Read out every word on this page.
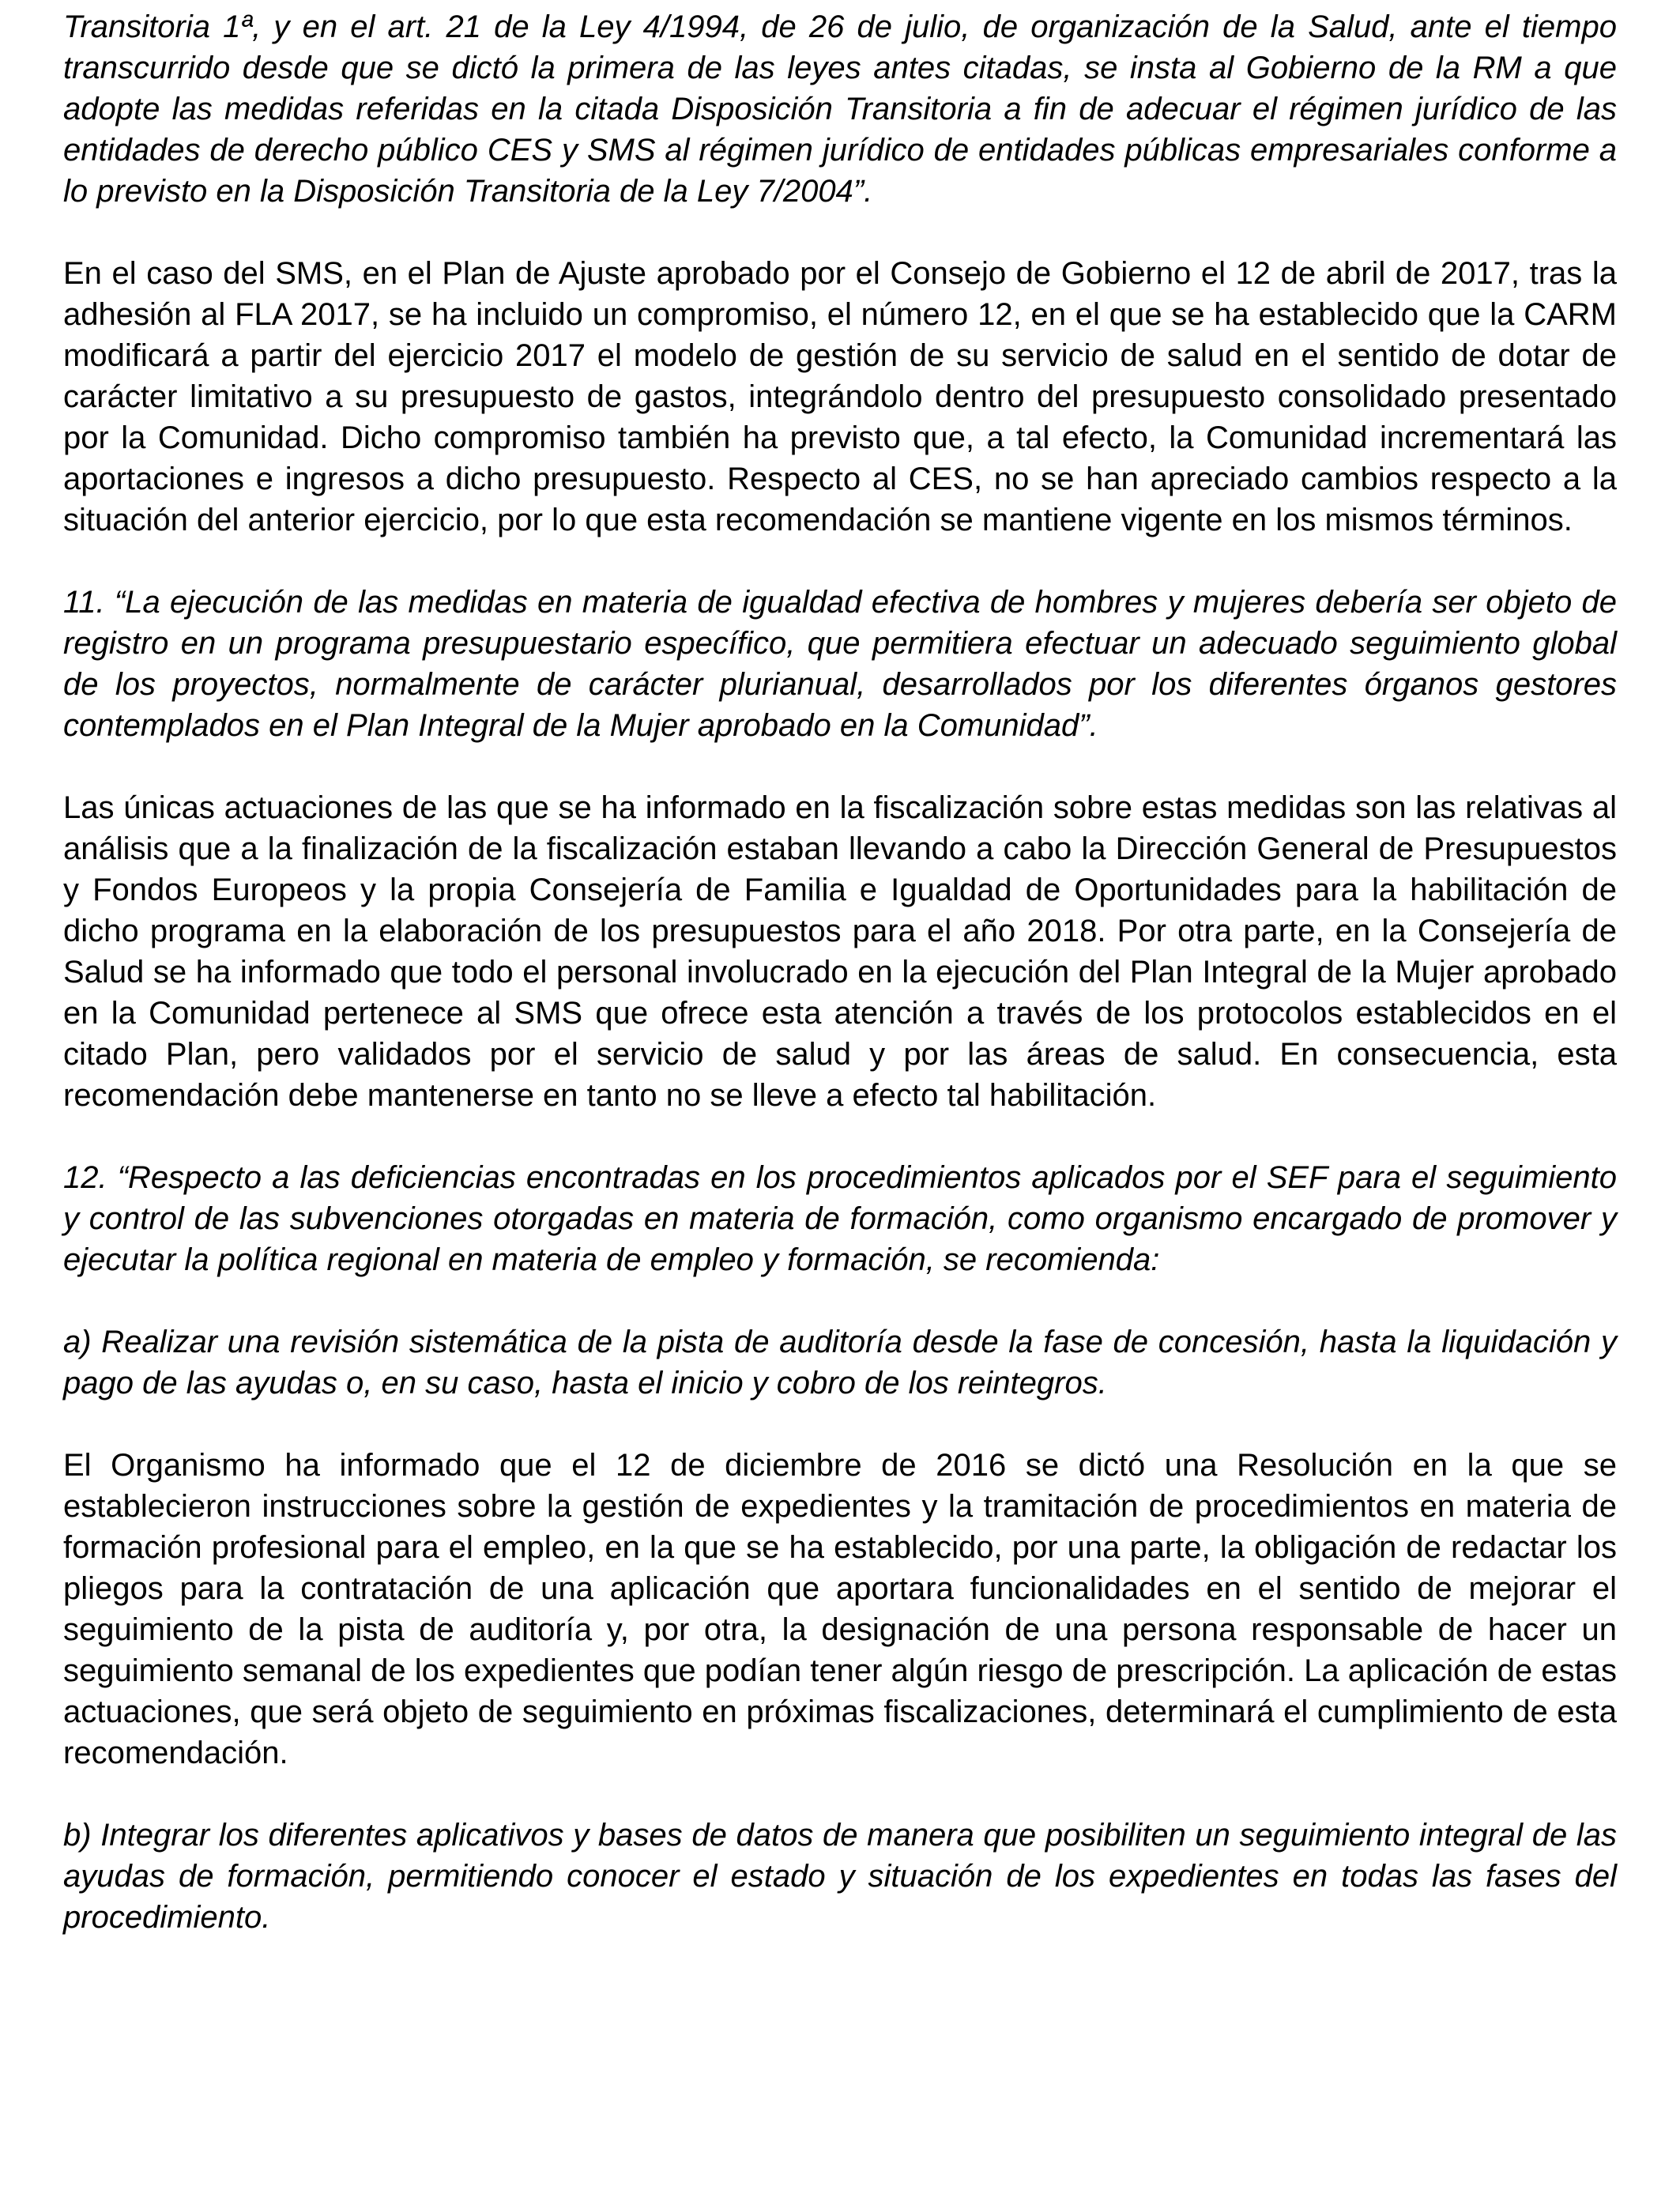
Transitoria 1ª, y en el art. 21 de la Ley 4/1994, de 26 de julio, de organización de la Salud, ante el tiempo transcurrido desde que se dictó la primera de las leyes antes citadas, se insta al Gobierno de la RM a que adopte las medidas referidas en la citada Disposición Transitoria a fin de adecuar el régimen jurídico de las entidades de derecho público CES y SMS al régimen jurídico de entidades públicas empresariales conforme a lo previsto en la Disposición Transitoria de la Ley 7/2004”.

En el caso del SMS, en el Plan de Ajuste aprobado por el Consejo de Gobierno el 12 de abril de 2017, tras la adhesión al FLA 2017, se ha incluido un compromiso, el número 12, en el que se ha establecido que la CARM modificará a partir del ejercicio 2017 el modelo de gestión de su servicio de salud en el sentido de dotar de carácter limitativo a su presupuesto de gastos, integrándolo dentro del presupuesto consolidado presentado por la Comunidad. Dicho compromiso también ha previsto que, a tal efecto, la Comunidad incrementará las aportaciones e ingresos a dicho presupuesto. Respecto al CES, no se han apreciado cambios respecto a la situación del anterior ejercicio, por lo que esta recomendación se mantiene vigente en los mismos términos.

11. “La ejecución de las medidas en materia de igualdad efectiva de hombres y mujeres debería ser objeto de registro en un programa presupuestario específico, que permitiera efectuar un adecuado seguimiento global de los proyectos, normalmente de carácter plurianual, desarrollados por los diferentes órganos gestores contemplados en el Plan Integral de la Mujer aprobado en la Comunidad”.

Las únicas actuaciones de las que se ha informado en la fiscalización sobre estas medidas son las relativas al análisis que a la finalización de la fiscalización estaban llevando a cabo la Dirección General de Presupuestos y Fondos Europeos y la propia Consejería de Familia e Igualdad de Oportunidades para la habilitación de dicho programa en la elaboración de los presupuestos para el año 2018. Por otra parte, en la Consejería de Salud se ha informado que todo el personal involucrado en la ejecución del Plan Integral de la Mujer aprobado en la Comunidad pertenece al SMS que ofrece esta atención a través de los protocolos establecidos en el citado Plan, pero validados por el servicio de salud y por las áreas de salud. En consecuencia, esta recomendación debe mantenerse en tanto no se lleve a efecto tal habilitación.

12. “Respecto a las deficiencias encontradas en los procedimientos aplicados por el SEF para el seguimiento y control de las subvenciones otorgadas en materia de formación, como organismo encargado de promover y ejecutar la política regional en materia de empleo y formación, se recomienda:

a) Realizar una revisión sistemática de la pista de auditoría desde la fase de concesión, hasta la liquidación y pago de las ayudas o, en su caso, hasta el inicio y cobro de los reintegros.

El Organismo ha informado que el 12 de diciembre de 2016 se dictó una Resolución en la que se establecieron instrucciones sobre la gestión de expedientes y la tramitación de procedimientos en materia de formación profesional para el empleo, en la que se ha establecido, por una parte, la obligación de redactar los pliegos para la contratación de una aplicación que aportara funcionalidades en el sentido de mejorar el seguimiento de la pista de auditoría y, por otra, la designación de una persona responsable de hacer un seguimiento semanal de los expedientes que podían tener algún riesgo de prescripción. La aplicación de estas actuaciones, que será objeto de seguimiento en próximas fiscalizaciones, determinará el cumplimiento de esta recomendación.

b) Integrar los diferentes aplicativos y bases de datos de manera que posibiliten un seguimiento integral de las ayudas de formación, permitiendo conocer el estado y situación de los expedientes en todas las fases del procedimiento.
